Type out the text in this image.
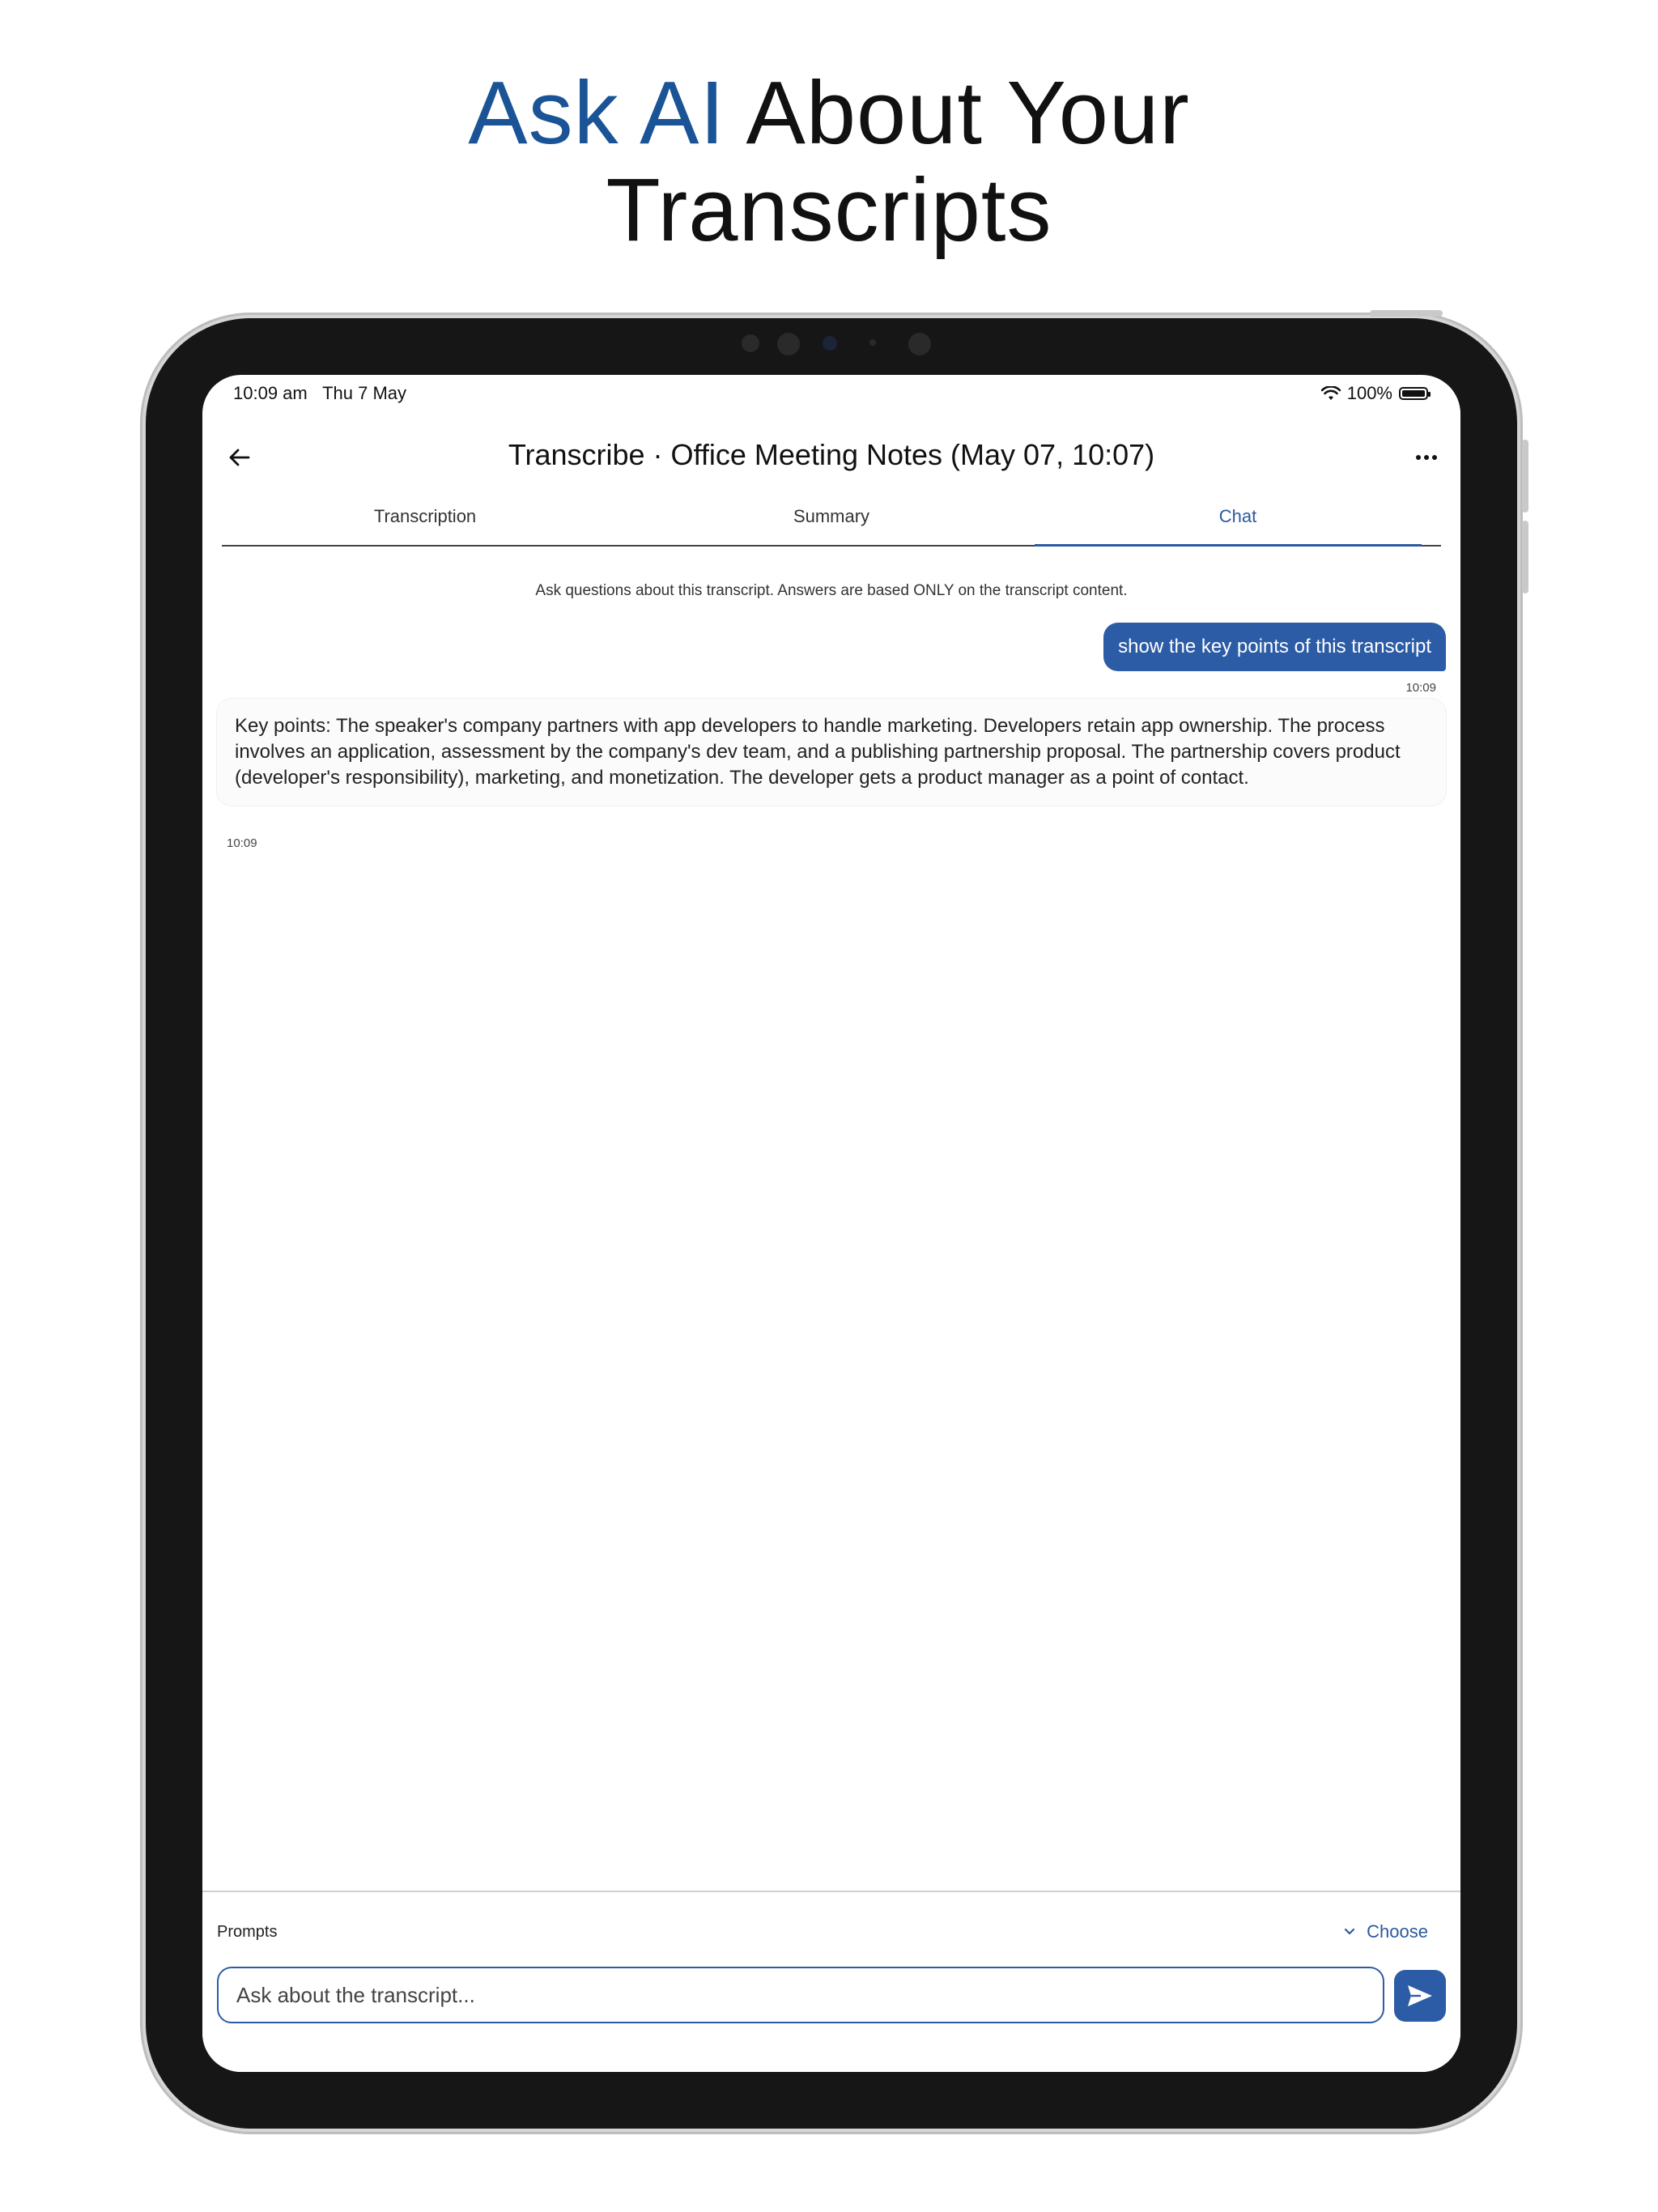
Ask AI About Your
Transcripts
10:09 am Thu 7 May	100%
Transcribe · Office Meeting Notes (May 07, 10:07)
Transcription	Summary	Chat
Ask questions about this transcript. Answers are based ONLY on the transcript content.
show the key points of this transcript
10:09
Key points: The speaker's company partners with app developers to handle marketing. Developers retain app ownership. The process involves an application, assessment by the company's dev team, and a publishing partnership proposal. The partnership covers product (developer's responsibility), marketing, and monetization. The developer gets a product manager as a point of contact.
10:09
Prompts	Choose
Ask about the transcript...
